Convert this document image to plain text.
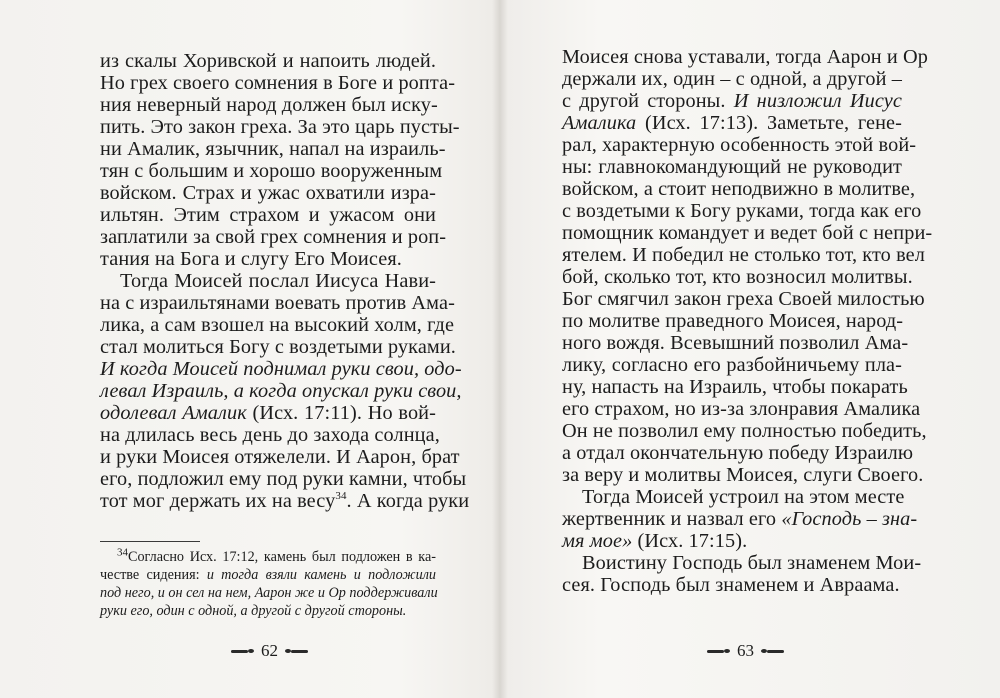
из скалы Хоривской и напоить людей.
Но грех своего сомнения в Боге и ропта-
ния неверный народ должен был иску-
пить. Это закон греха. За это царь пусты-
ни Амалик, язычник, напал на израиль-
тян с большим и хорошо вооруженным
войском. Страх и ужас охватили изра-
ильтян. Этим страхом и ужасом они
заплатили за свой грех сомнения и роп-
тания на Бога и слугу Его Моисея.
Тогда Моисей послал Иисуса Нави-
на с израильтянами воевать против Ама-
лика, а сам взошел на высокий холм, где
стал молиться Богу с воздетыми руками.
И когда Моисей поднимал руки свои, одо-
левал Израиль, а когда опускал руки свои,
одолевал Амалик (Исх. 17:11). Но вой-
на длилась весь день до захода солнца,
и руки Моисея отяжелели. И Аарон, брат
его, подложил ему под руки камни, чтобы
тот мог держать их на весу$^{34}$. А когда руки
$^{34}$Согласно Исх. 17:12, камень был подложен в ка-
честве сидения: и тогда взяли камень и подложили
под него, и он сел на нем, Аарон же и Ор поддерживали
руки его, один с одной, а другой с другой стороны.
62
Моисея снова уставали, тогда Аарон и Ор
держали их, один – с одной, а другой –
с другой стороны. И низложил Иисус
Амалика (Исх. 17:13). Заметьте, гене-
рал, характерную особенность этой вой-
ны: главнокомандующий не руководит
войском, а стоит неподвижно в молитве,
с воздетыми к Богу руками, тогда как его
помощник командует и ведет бой с непри-
ятелем. И победил не столько тот, кто вел
бой, сколько тот, кто возносил молитвы.
Бог смягчил закон греха Своей милостью
по молитве праведного Моисея, народ-
ного вождя. Всевышний позволил Ама-
лику, согласно его разбойничьему пла-
ну, напасть на Израиль, чтобы покарать
его страхом, но из-за злонравия Амалика
Он не позволил ему полностью победить,
а отдал окончательную победу Израилю
за веру и молитвы Моисея, слуги Своего.
Тогда Моисей устроил на этом месте
жертвенник и назвал его «Господь – зна-
мя мое» (Исх. 17:15).
Воистину Господь был знаменем Мои-
сея. Господь был знаменем и Авраама.
63
